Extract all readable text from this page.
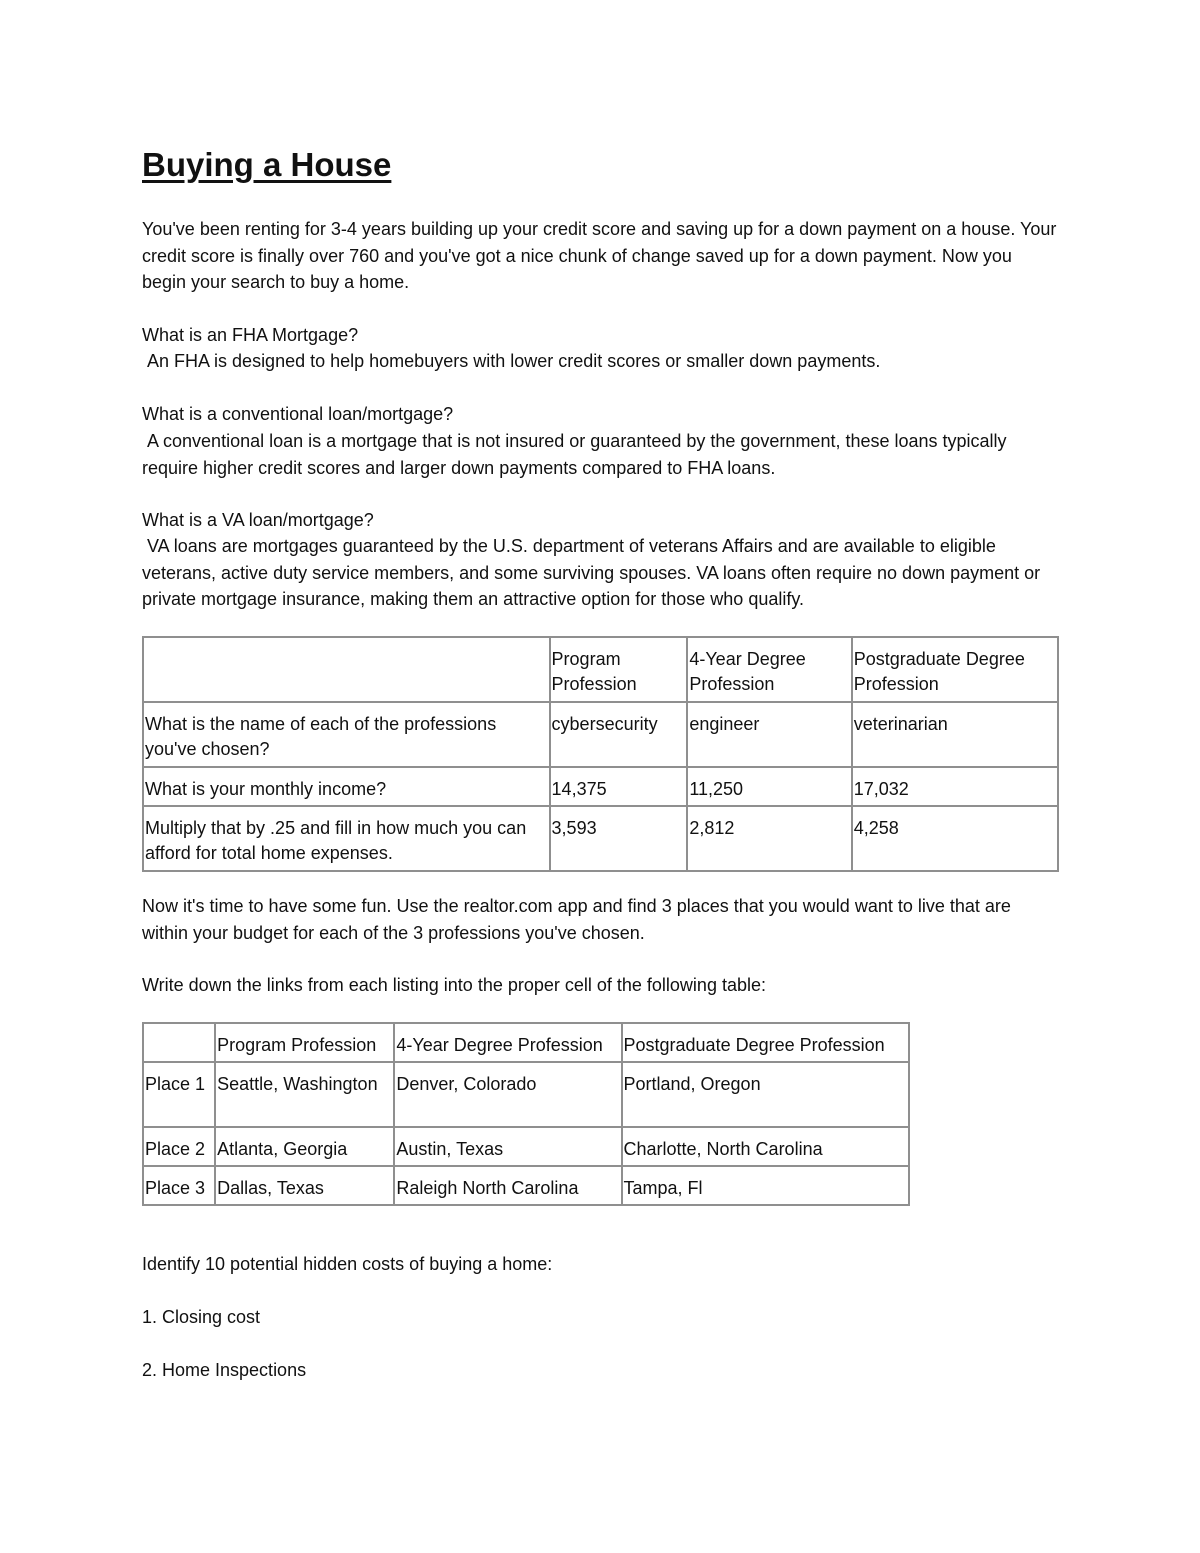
Buying a House

You've been renting for 3-4 years building up your credit score and saving up for a down payment on a house. Your credit score is finally over 760 and you've got a nice chunk of change saved up for a down payment. Now you begin your search to buy a home.

What is an FHA Mortgage?

An FHA is designed to help homebuyers with lower credit scores or smaller down payments.

What is a conventional loan/mortgage?

A conventional loan is a mortgage that is not insured or guaranteed by the government, these loans typically require higher credit scores and larger down payments compared to FHA loans.

What is a VA loan/mortgage?

VA loans are mortgages guaranteed by the U.S. department of veterans Affairs and are available to eligible veterans, active duty service members, and some surviving spouses. VA loans often require no down payment or private mortgage insurance, making them an attractive option for those who qualify.

	Program Profession	4-Year Degree Profession	Postgraduate Degree Profession
What is the name of each of the professions you've chosen?	cybersecurity	engineer	veterinarian
What is your monthly income?	14,375	11,250	17,032
Multiply that by .25 and fill in how much you can afford for total home expenses.	3,593	2,812	4,258

Now it's time to have some fun. Use the realtor.com app and find 3 places that you would want to live that are within your budget for each of the 3 professions you've chosen.

Write down the links from each listing into the proper cell of the following table:

	Program Profession	4-Year Degree Profession	Postgraduate Degree Profession
Place 1	Seattle, Washington	Denver, Colorado	Portland, Oregon
Place 2	Atlanta, Georgia	Austin, Texas	Charlotte, North Carolina
Place 3	Dallas, Texas	Raleigh North Carolina	Tampa, Fl

Identify 10 potential hidden costs of buying a home:

1. Closing cost

2. Home Inspections
